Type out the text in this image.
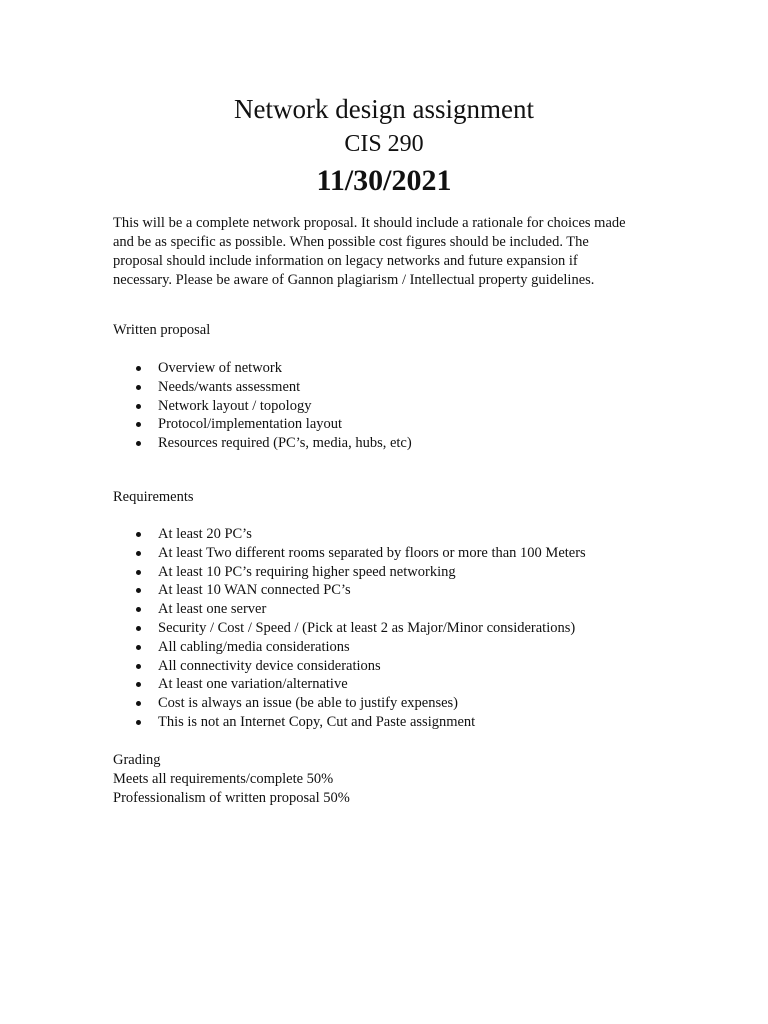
Network design assignment
CIS 290
11/30/2021
This will be a complete network proposal. It should include a rationale for choices made
and be as specific as possible. When possible cost figures should be included. The
proposal should include information on legacy networks and future expansion if
necessary. Please be aware of Gannon plagiarism / Intellectual property guidelines.
Written proposal
Overview of network
Needs/wants assessment
Network layout / topology
Protocol/implementation layout
Resources required (PC’s, media, hubs, etc)
Requirements
At least 20 PC’s
At least Two different rooms separated by floors or more than 100 Meters
At least 10 PC’s requiring higher speed networking
At least 10 WAN connected PC’s
At least one server
Security / Cost / Speed / (Pick at least 2 as Major/Minor considerations)
All cabling/media considerations
All connectivity device considerations
At least one variation/alternative
Cost is always an issue (be able to justify expenses)
This is not an Internet Copy, Cut and Paste assignment
Grading
Meets all requirements/complete 50%
Professionalism of written proposal 50%
